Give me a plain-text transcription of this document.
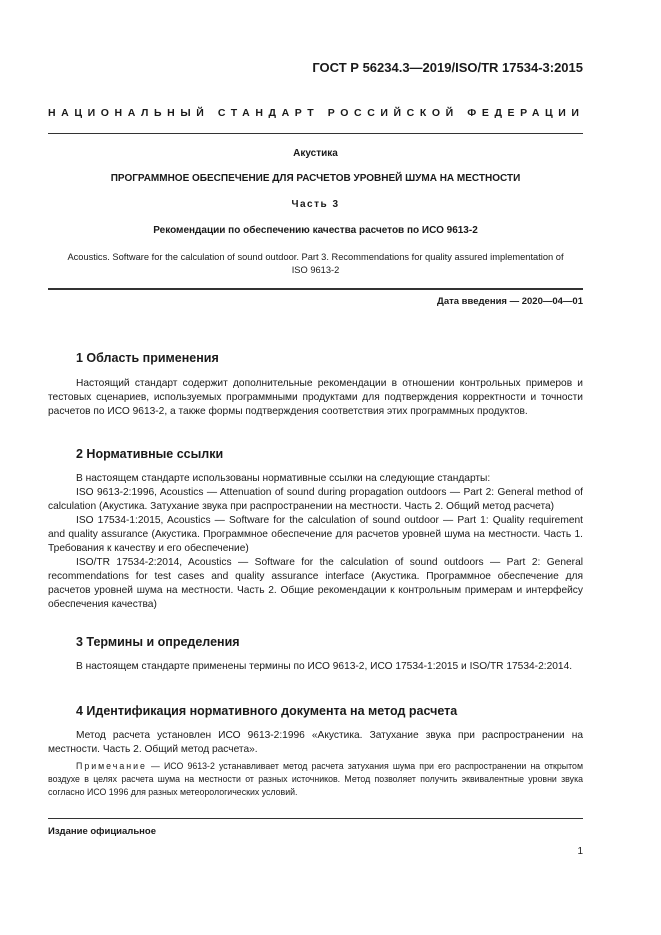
ГОСТ Р 56234.3—2019/ISO/TR 17534-3:2015
НАЦИОНАЛЬНЫЙ СТАНДАРТ РОССИЙСКОЙ ФЕДЕРАЦИИ
Акустика
ПРОГРАММНОЕ ОБЕСПЕЧЕНИЕ ДЛЯ РАСЧЕТОВ УРОВНЕЙ ШУМА НА МЕСТНОСТИ
Часть 3
Рекомендации по обеспечению качества расчетов по ИСО 9613-2
Acoustics. Software for the calculation of sound outdoor. Part 3. Recommendations for quality assured implementation of ISO 9613-2
Дата введения — 2020—04—01
1 Область применения

Настоящий стандарт содержит дополнительные рекомендации в отношении контрольных примеров и тестовых сценариев, используемых программными продуктами для подтверждения корректности и точности расчетов по ИСО 9613-2, а также формы подтверждения соответствия этих программных продуктов.

2 Нормативные ссылки

В настоящем стандарте использованы нормативные ссылки на следующие стандарты:

ISO 9613-2:1996, Acoustics — Attenuation of sound during propagation outdoors — Part 2: General method of calculation (Акустика. Затухание звука при распространении на местности. Часть 2. Общий метод расчета)

ISO 17534-1:2015, Acoustics — Software for the calculation of sound outdoor — Part 1: Quality requirement and quality assurance (Акустика. Программное обеспечение для расчетов уровней шума на местности. Часть 1. Требования к качеству и его обеспечение)

ISO/TR 17534-2:2014, Acoustics — Software for the calculation of sound outdoors — Part 2: General recommendations for test cases and quality assurance interface (Акустика. Программное обеспечение для расчетов уровней шума на местности. Часть 2. Общие рекомендации к контрольным примерам и интерфейсу обеспечения качества)

3 Термины и определения

В настоящем стандарте применены термины по ИСО 9613-2, ИСО 17534-1:2015 и ISO/TR 17534-2:2014.

4 Идентификация нормативного документа на метод расчета

Метод расчета установлен ИСО 9613-2:1996 «Акустика. Затухание звука при распространении на местности. Часть 2. Общий метод расчета».

Примечание — ИСО 9613-2 устанавливает метод расчета затухания шума при его распространении на открытом воздухе в целях расчета шума на местности от разных источников. Метод позволяет получить эквивалентные уровни звука согласно ИСО 1996 для разных метеорологических условий.

Издание официальное
1
